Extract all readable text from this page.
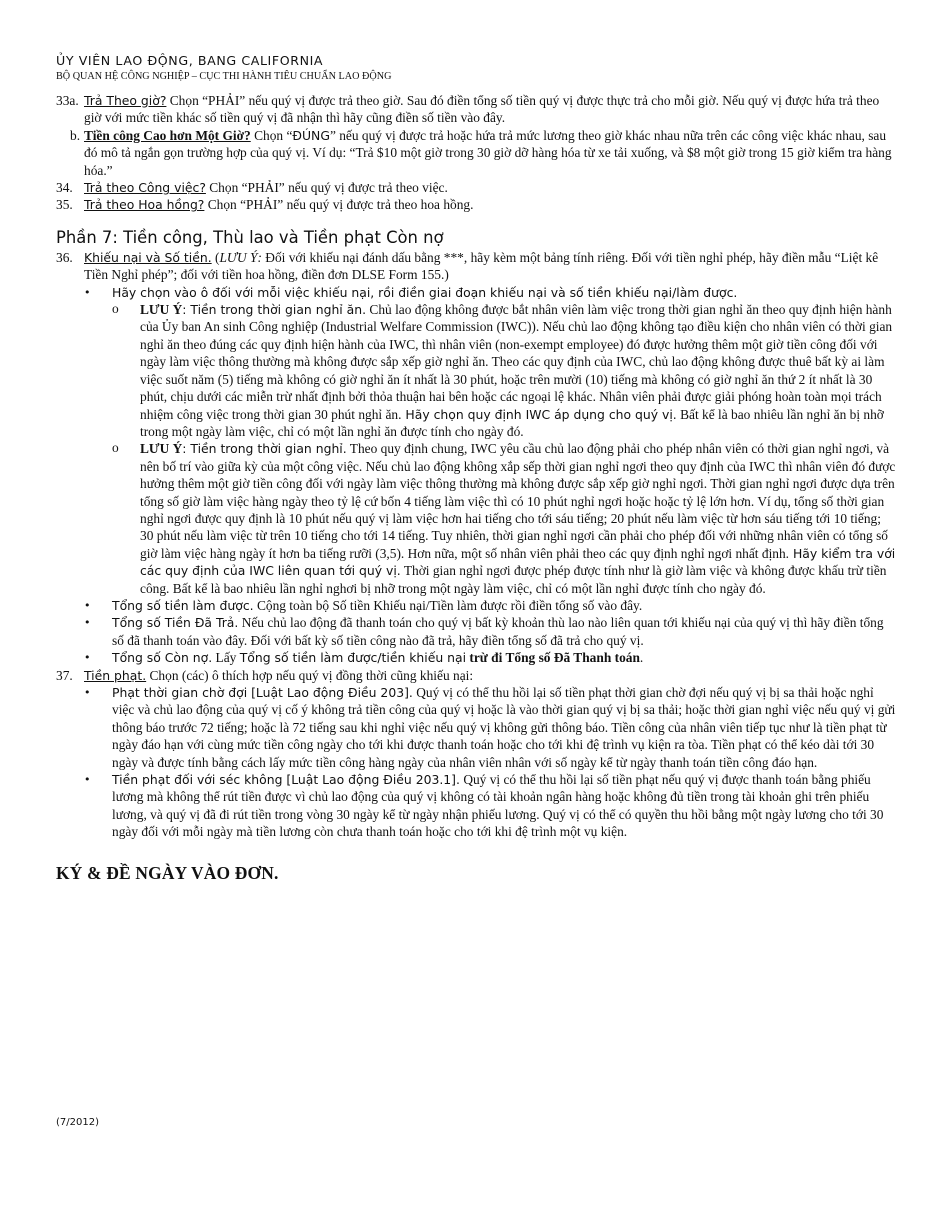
ỦY VIÊN LAO ĐỘNG, BANG CALIFORNIA
BỘ QUAN HỆ CÔNG NGHIỆP – CỤC THI HÀNH TIÊU CHUẨN LAO ĐỘNG
33a. Trả Theo giờ? Chọn “PHẢI” nếu quý vị được trả theo giờ. Sau đó điền tổng số tiền quý vị được thực trả cho mỗi giờ. Nếu quý vị được hứa trả theo giờ với mức tiền khác số tiền quý vị đã nhận thì hãy cũng điền số tiền vào đây.
b. Tiền công Cao hơn Một Giờ? Chọn “ĐÚNG” nếu quý vị được trả hoặc hứa trả mức lương theo giờ khác nhau nữa trên các công việc khác nhau, sau đó mô tả ngắn gọn trường hợp của quý vị. Ví dụ: “Trả $10 một giờ trong 30 giờ dỡ hàng hóa từ xe tải xuống, và $8 một giờ trong 15 giờ kiểm tra hàng hóa.”
34. Trả theo Công việc? Chọn “PHẢI” nếu quý vị được trả theo việc.
35. Trả theo Hoa hồng? Chọn “PHẢI” nếu quý vị được trả theo hoa hồng.
Phần 7: Tiền công, Thù lao và Tiền phạt Còn nợ
36. Khiếu nại và Số tiền. (LƯU Ý: Đối với khiếu nại đánh dấu bằng ***, hãy kèm một bảng tính riêng. Đối với tiền nghỉ phép, hãy điền mẫu “Liệt kê Tiền Nghỉ phép”; đối với tiền hoa hồng, điền đơn DLSE Form 155.)
• Hãy chọn vào ô đối với mỗi việc khiếu nại, rồi điền giai đoạn khiếu nại và số tiền khiếu nại/làm được.
o LƯU Ý: Tiền trong thời gian nghỉ ăn. Chủ lao động không được bắt nhân viên làm việc trong thời gian nghỉ ăn theo quy định hiện hành của Ủy ban An sinh Công nghiệp (Industrial Welfare Commission (IWC)). Nếu chủ lao động không tạo điều kiện cho nhân viên có thời gian nghỉ ăn theo đúng các quy định hiện hành của IWC, thì nhân viên (non-exempt employee) đó được hưởng thêm một giờ tiền công đối với ngày làm việc thông thường mà không được sắp xếp giờ nghỉ ăn. Theo các quy định của IWC, chủ lao động không được thuê bất kỳ ai làm việc suốt năm (5) tiếng mà không có giờ nghỉ ăn ít nhất là 30 phút, hoặc trên mười (10) tiếng mà không có giờ nghỉ ăn thứ 2 ít nhất là 30 phút, chịu dưới các miễn trừ nhất định bởi thỏa thuận hai bên hoặc các ngoại lệ khác. Nhân viên phải được giải phóng hoàn toàn mọi trách nhiệm công việc trong thời gian 30 phút nghỉ ăn. Hãy chọn quy định IWC áp dụng cho quý vị. Bất kể là bao nhiêu lần nghỉ ăn bị nhỡ trong một ngày làm việc, chỉ có một lần nghỉ ăn được tính cho ngày đó.
o LƯU Ý: Tiền trong thời gian nghỉ. Theo quy định chung, IWC yêu cầu chủ lao động phải cho phép nhân viên có thời gian nghỉ ngơi, và nên bố trí vào giữa kỳ của một công việc. Nếu chủ lao động không xắp sếp thời gian nghỉ ngơi theo quy định của IWC thì nhân viên đó được hưởng thêm một giờ tiền công đối với ngày làm việc thông thường mà không được sắp xếp giờ nghỉ ngơi. Thời gian nghỉ ngơi được dựa trên tổng số giờ làm việc hàng ngày theo tỷ lệ cứ bốn 4 tiếng làm việc thì có 10 phút nghỉ ngơi hoặc hoặc tỷ lệ lớn hơn. Ví dụ, tổng số thời gian nghỉ ngơi được quy định là 10 phút nếu quý vị làm việc hơn hai tiếng cho tới sáu tiếng; 20 phút nếu làm việc từ hơn sáu tiếng tới 10 tiếng; 30 phút nếu làm việc từ trên 10 tiếng cho tới 14 tiếng. Tuy nhiên, thời gian nghỉ ngơi cần phải cho phép đối với những nhân viên có tổng số giờ làm việc hàng ngày ít hơn ba tiếng rưỡi (3,5). Hơn nữa, một số nhân viên phải theo các quy định nghỉ ngơi nhất định. Hãy kiểm tra với các quy định của IWC liên quan tới quý vị. Thời gian nghỉ ngơi được phép được tính như là giờ làm việc và không được khấu trừ tiền công. Bất kể là bao nhiêu lần nghỉ nghơi bị nhỡ trong một ngày làm việc, chỉ có một lần nghỉ được tính cho ngày đó.
• Tổng số tiền làm được. Cộng toàn bộ Số tiền Khiếu nại/Tiền làm được rồi điền tổng số vào đây.
• Tổng số Tiền Đã Trả. Nếu chủ lao động đã thanh toán cho quý vị bất kỳ khoản thù lao nào liên quan tới khiếu nại của quý vị thì hãy điền tổng số đã thanh toán vào đây. Đối với bất kỳ số tiền công nào đã trả, hãy điền tổng số đã trả cho quý vị.
• Tổng số Còn nợ. Lấy Tổng số tiền làm được/tiền khiếu nại trừ đi Tổng số Đã Thanh toán.
37. Tiền phạt. Chọn (các) ô thích hợp nếu quý vị đồng thời cũng khiếu nại:
• Phạt thời gian chờ đợi [Luật Lao động Điều 203]. Quý vị có thể thu hồi lại số tiền phạt thời gian chờ đợi nếu quý vị bị sa thải hoặc nghỉ việc và chủ lao động của quý vị cố ý không trả tiền công của quý vị hoặc là vào thời gian quý vị bị sa thải; hoặc thời gian nghỉ việc nếu quý vị gửi thông báo trước 72 tiếng; hoặc là 72 tiếng sau khi nghỉ việc nếu quý vị không gửi thông báo. Tiền công của nhân viên tiếp tục như là tiền phạt từ ngày đáo hạn với cùng mức tiền công ngày cho tới khi được thanh toán hoặc cho tới khi đệ trình vụ kiện ra tòa. Tiền phạt có thể kéo dài tới 30 ngày và được tính bằng cách lấy mức tiền công hàng ngày của nhân viên nhân với số ngày kể từ ngày thanh toán tiền công đáo hạn.
• Tiền phạt đối với séc không [Luật Lao động Điều 203.1]. Quý vị có thể thu hồi lại số tiền phạt nếu quý vị được thanh toán bằng phiếu lương mà không thể rút tiền được vì chủ lao động của quý vị không có tài khoản ngân hàng hoặc không đủ tiền trong tài khoản ghi trên phiếu lương, và quý vị đã đi rút tiền trong vòng 30 ngày kể từ ngày nhận phiếu lương. Quý vị có thể có quyền thu hồi bằng một ngày lương cho tới 30 ngày đối với mỗi ngày mà tiền lương còn chưa thanh toán hoặc cho tới khi đệ trình một vụ kiện.
KÝ & ĐỀ NGÀY VÀO ĐƠN.
(7/2012)
